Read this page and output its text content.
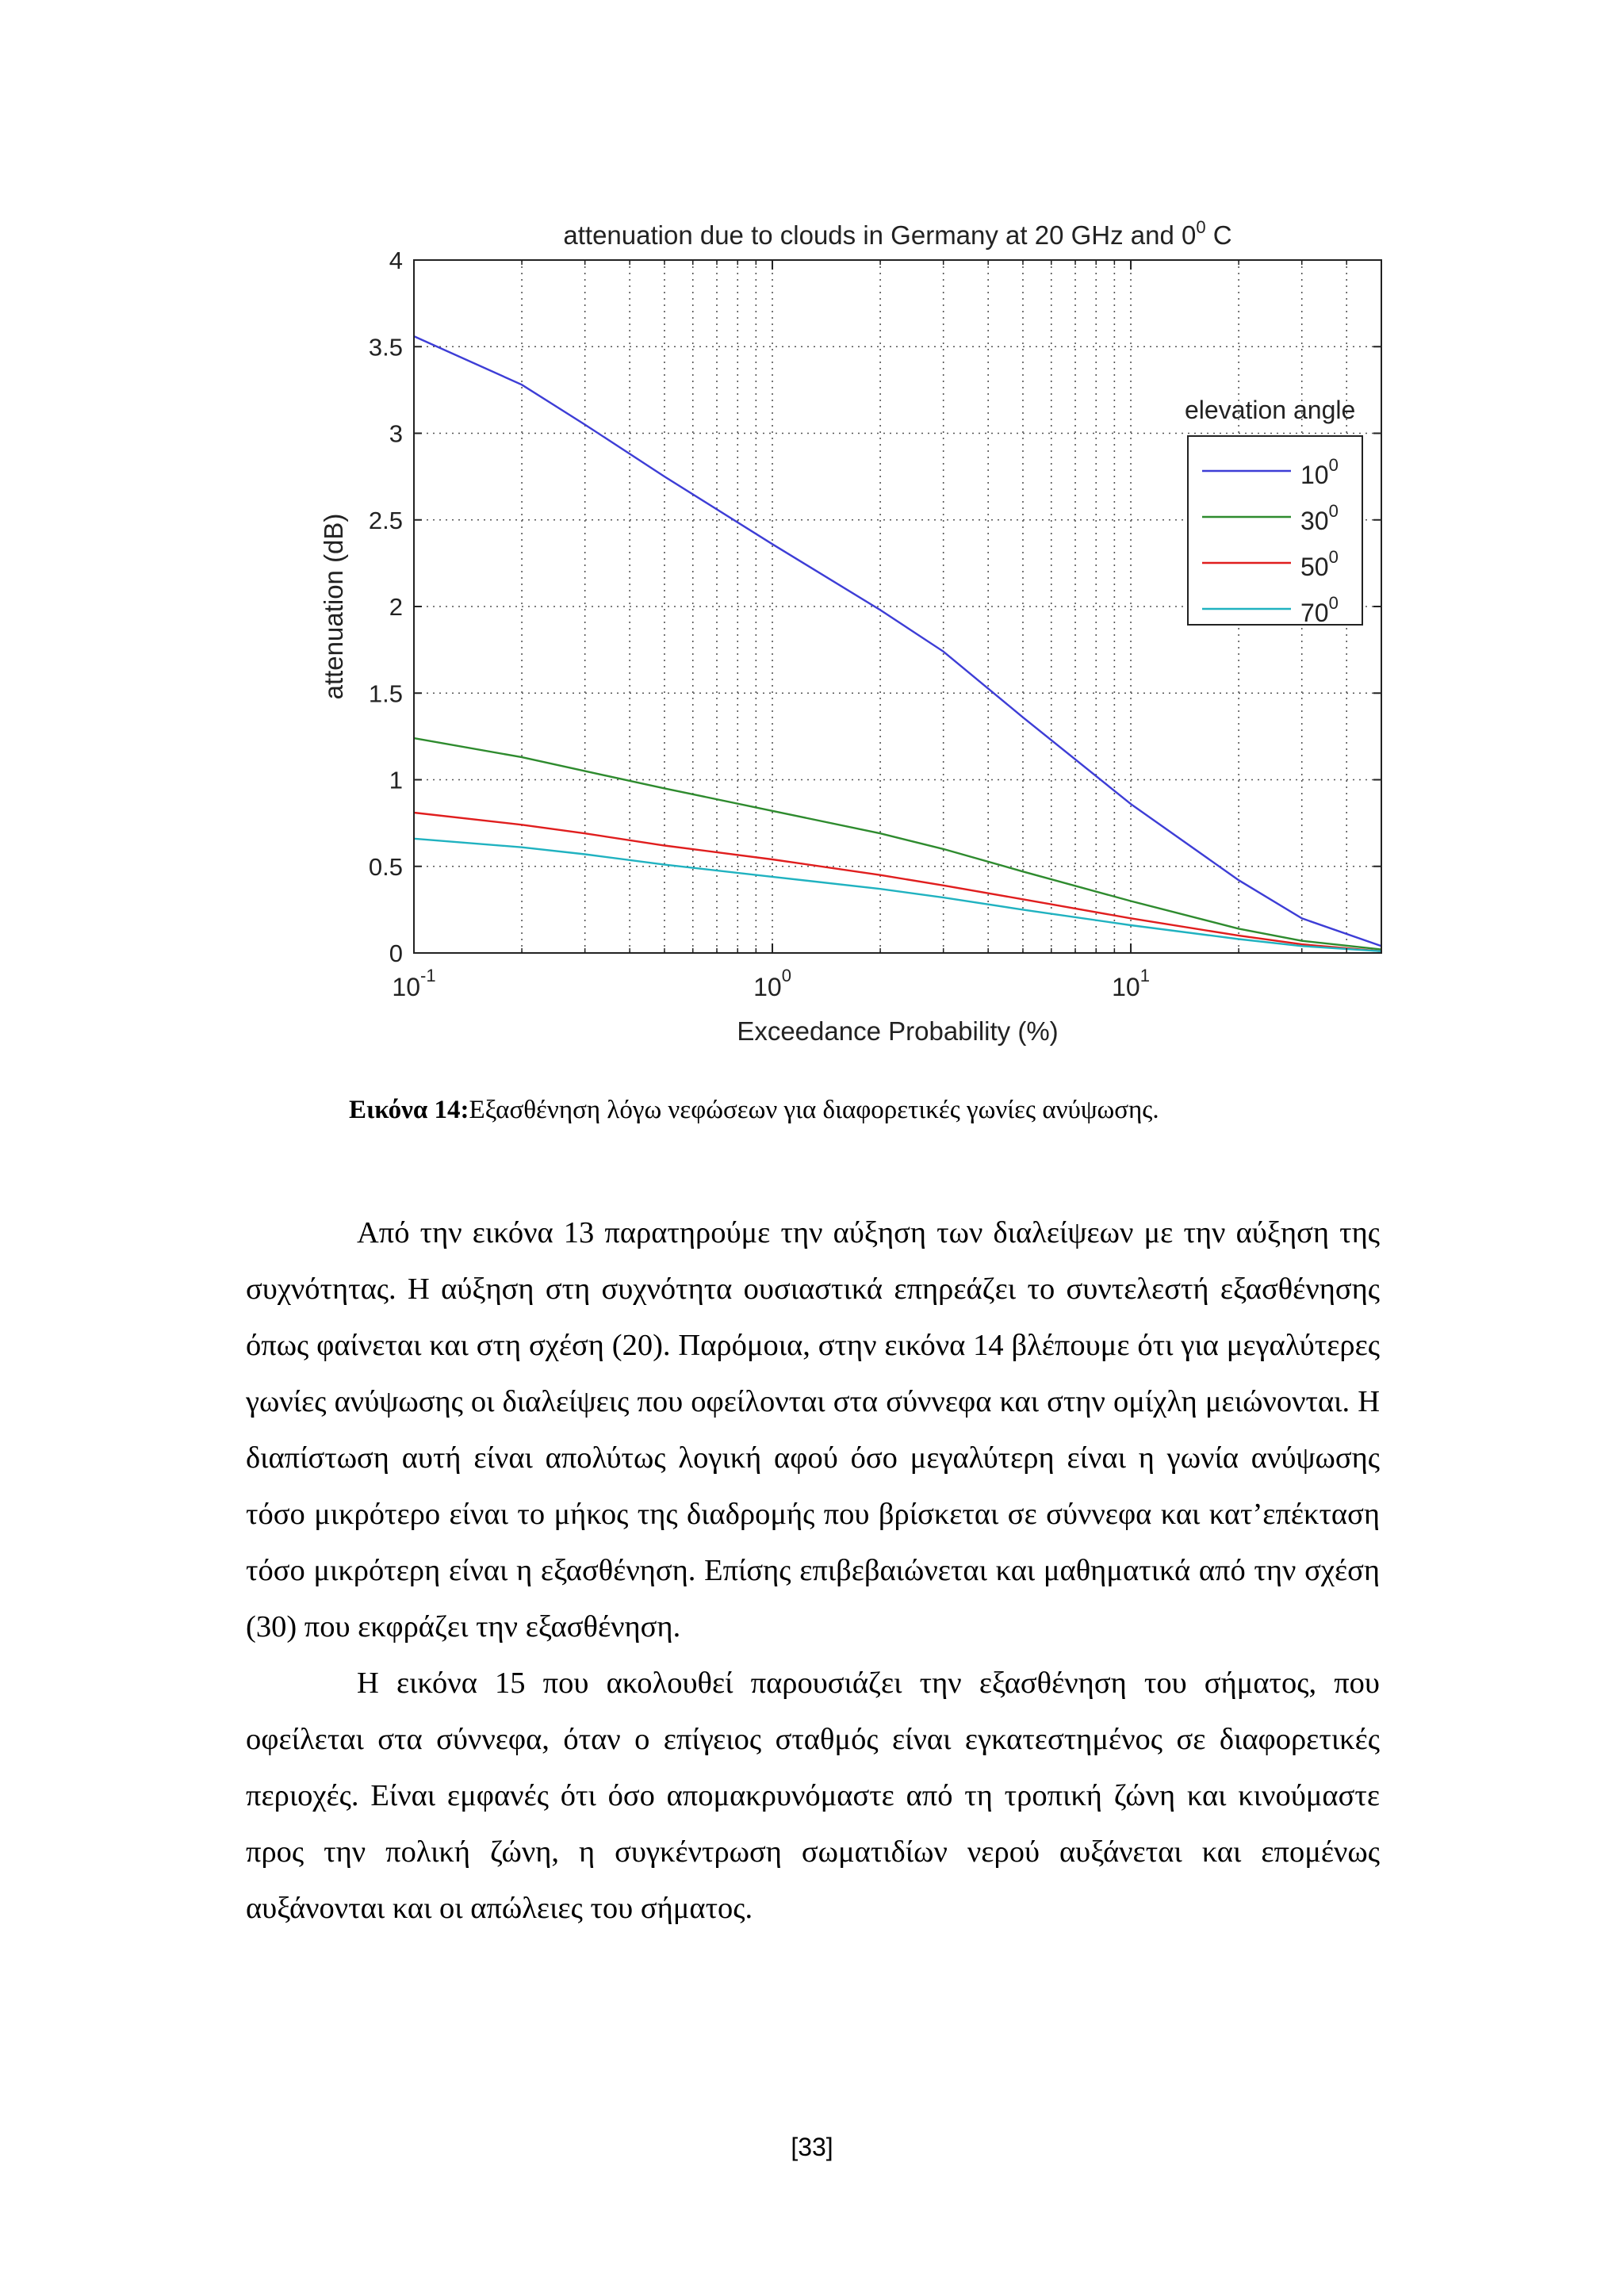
0
0.5
1
1.5
2
2.5
3
3.5
4
$10^{-1}$	$10^0$	$10^1$
attenuation due to clouds in Germany at 20 GHz and $0^0$ C
Exceedance Probability (%)
attenuation (dB)
elevation angle
$10^0$
$30^0$
$50^0$
$70^0$
Εικόνα 14:Εξασθένηση λόγω νεφώσεων για διαφορετικές γωνίες ανύψωσης.

Από την εικόνα 13 παρατηρούμε την αύξηση των διαλείψεων με την αύξηση της συχνότητας. Η αύξηση στη συχνότητα ουσιαστικά επηρεάζει το συντελεστή εξασθένησης όπως φαίνεται και στη σχέση (20). Παρόμοια, στην εικόνα 14 βλέπουμε ότι για μεγαλύτερες γωνίες ανύψωσης οι διαλείψεις που οφείλονται στα σύννεφα και στην ομίχλη μειώνονται. Η διαπίστωση αυτή είναι απολύτως λογική αφού όσο μεγαλύτερη είναι η γωνία ανύψωσης τόσο μικρότερο είναι το μήκος της διαδρομής που βρίσκεται σε σύννεφα και κατ’επέκταση τόσο μικρότερη είναι η εξασθένηση. Επίσης επιβεβαιώνεται και μαθηματικά από την σχέση (30) που εκφράζει την εξασθένηση.

Η εικόνα 15 που ακολουθεί παρουσιάζει την εξασθένηση του σήματος, που οφείλεται στα σύννεφα, όταν ο επίγειος σταθμός είναι εγκατεστημένος σε διαφορετικές περιοχές. Είναι εμφανές ότι όσο απομακρυνόμαστε από τη τροπική ζώνη και κινούμαστε προς την πολική ζώνη, η συγκέντρωση σωματιδίων νερού αυξάνεται και επομένως αυξάνονται και οι απώλειες του σήματος.

[33]
